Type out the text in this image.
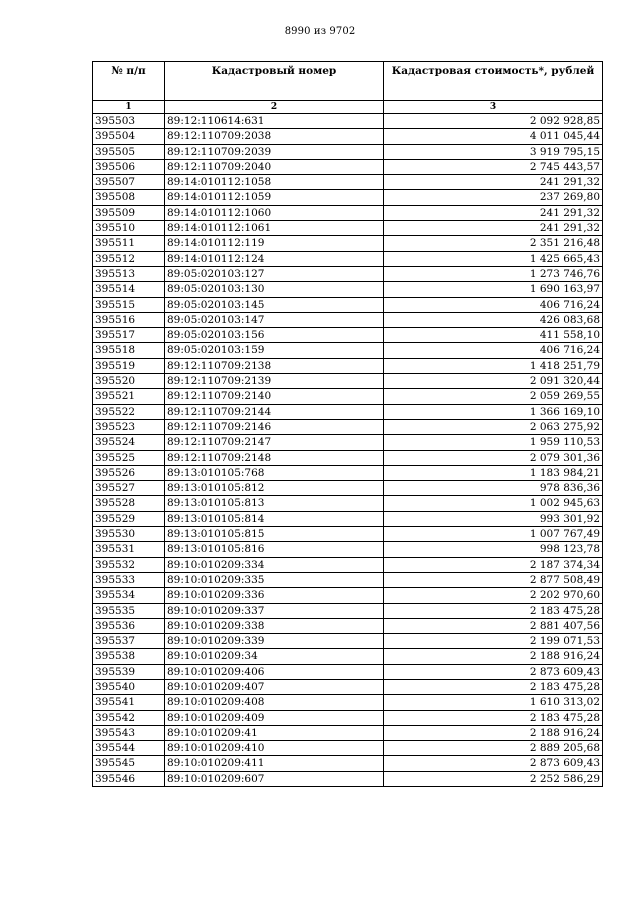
8990 из 9702
№ п/п	Кадастровый номер	Кадастровая стоимость*, рублей
1	2	3
395503	89:12:110614:631	2 092 928,85
395504	89:12:110709:2038	4 011 045,44
395505	89:12:110709:2039	3 919 795,15
395506	89:12:110709:2040	2 745 443,57
395507	89:14:010112:1058	241 291,32
395508	89:14:010112:1059	237 269,80
395509	89:14:010112:1060	241 291,32
395510	89:14:010112:1061	241 291,32
395511	89:14:010112:119	2 351 216,48
395512	89:14:010112:124	1 425 665,43
395513	89:05:020103:127	1 273 746,76
395514	89:05:020103:130	1 690 163,97
395515	89:05:020103:145	406 716,24
395516	89:05:020103:147	426 083,68
395517	89:05:020103:156	411 558,10
395518	89:05:020103:159	406 716,24
395519	89:12:110709:2138	1 418 251,79
395520	89:12:110709:2139	2 091 320,44
395521	89:12:110709:2140	2 059 269,55
395522	89:12:110709:2144	1 366 169,10
395523	89:12:110709:2146	2 063 275,92
395524	89:12:110709:2147	1 959 110,53
395525	89:12:110709:2148	2 079 301,36
395526	89:13:010105:768	1 183 984,21
395527	89:13:010105:812	978 836,36
395528	89:13:010105:813	1 002 945,63
395529	89:13:010105:814	993 301,92
395530	89:13:010105:815	1 007 767,49
395531	89:13:010105:816	998 123,78
395532	89:10:010209:334	2 187 374,34
395533	89:10:010209:335	2 877 508,49
395534	89:10:010209:336	2 202 970,60
395535	89:10:010209:337	2 183 475,28
395536	89:10:010209:338	2 881 407,56
395537	89:10:010209:339	2 199 071,53
395538	89:10:010209:34	2 188 916,24
395539	89:10:010209:406	2 873 609,43
395540	89:10:010209:407	2 183 475,28
395541	89:10:010209:408	1 610 313,02
395542	89:10:010209:409	2 183 475,28
395543	89:10:010209:41	2 188 916,24
395544	89:10:010209:410	2 889 205,68
395545	89:10:010209:411	2 873 609,43
395546	89:10:010209:607	2 252 586,29
